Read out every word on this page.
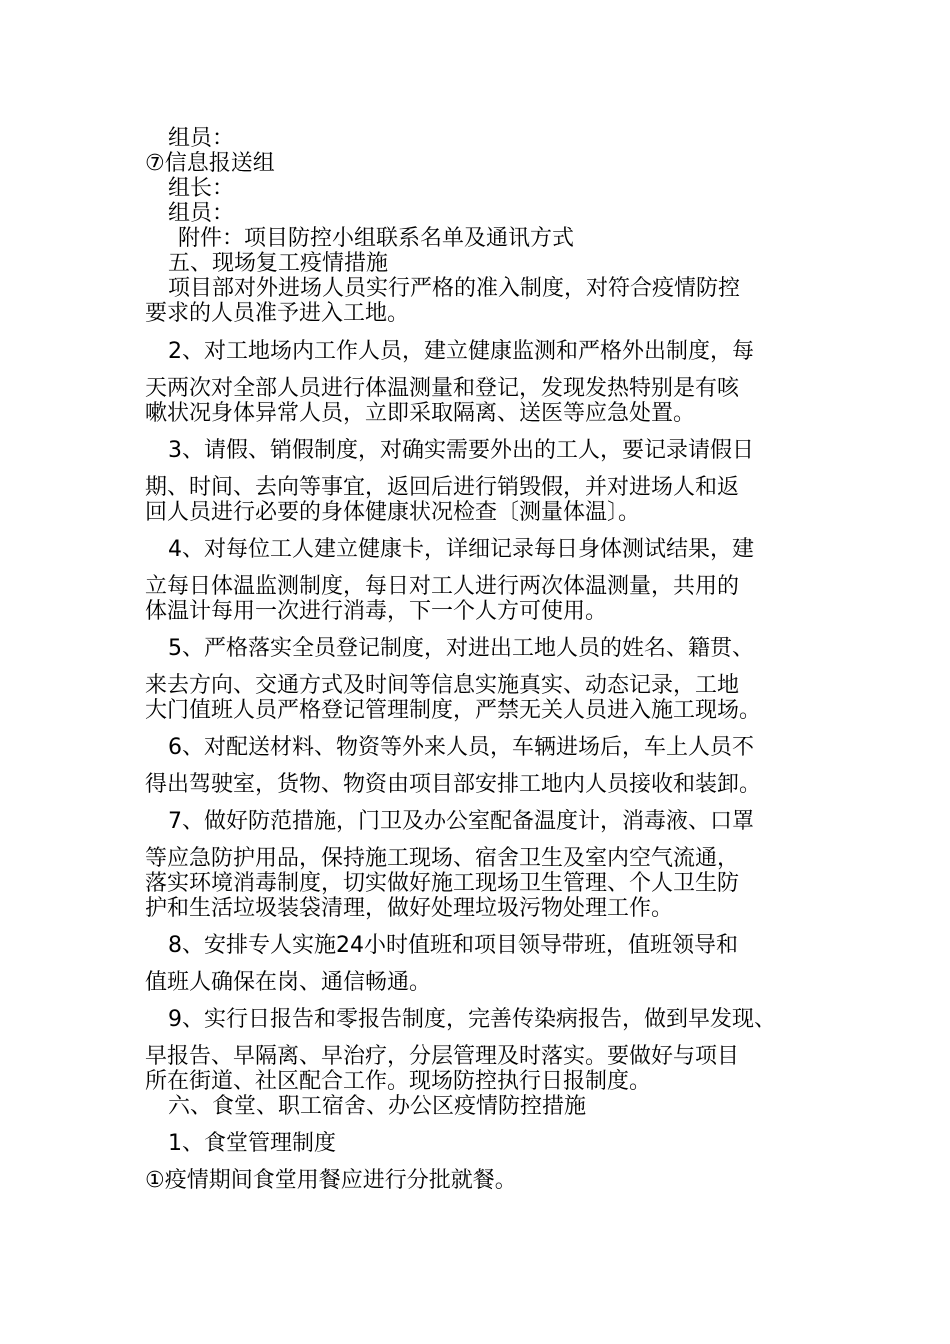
组员：
⑦信息报送组
组长：
组员：
附件：项目防控小组联系名单及通讯方式
五、现场复工疫情措施
项目部对外进场人员实行严格的准入制度，对符合疫情防控
要求的人员准予进入工地。
2、对工地场内工作人员，建立健康监测和严格外出制度，每
天两次对全部人员进行体温测量和登记，发现发热特别是有咳
嗽状况身体异常人员，立即采取隔离、送医等应急处置。
3、请假、销假制度，对确实需要外出的工人，要记录请假日
期、时间、去向等事宜，返回后进行销毁假，并对进场人和返
回人员进行必要的身体健康状况检查〔测量体温〕。
4、对每位工人建立健康卡，详细记录每日身体测试结果，建
立每日体温监测制度，每日对工人进行两次体温测量，共用的
体温计每用一次进行消毒，下一个人方可使用。
5、严格落实全员登记制度，对进出工地人员的姓名、籍贯、
来去方向、交通方式及时间等信息实施真实、动态记录，工地
大门值班人员严格登记管理制度，严禁无关人员进入施工现场。
6、对配送材料、物资等外来人员，车辆进场后，车上人员不
得出驾驶室，货物、物资由项目部安排工地内人员接收和装卸。
7、做好防范措施，门卫及办公室配备温度计，消毒液、口罩
等应急防护用品，保持施工现场、宿舍卫生及室内空气流通，
落实环境消毒制度，切实做好施工现场卫生管理、个人卫生防
护和生活垃圾装袋清理，做好处理垃圾污物处理工作。
8、安排专人实施24小时值班和项目领导带班，值班领导和
值班人确保在岗、通信畅通。
9、实行日报告和零报告制度，完善传染病报告，做到早发现、
早报告、早隔离、早治疗，分层管理及时落实。要做好与项目
所在街道、社区配合工作。现场防控执行日报制度。
六、食堂、职工宿舍、办公区疫情防控措施
1、食堂管理制度
①疫情期间食堂用餐应进行分批就餐。
